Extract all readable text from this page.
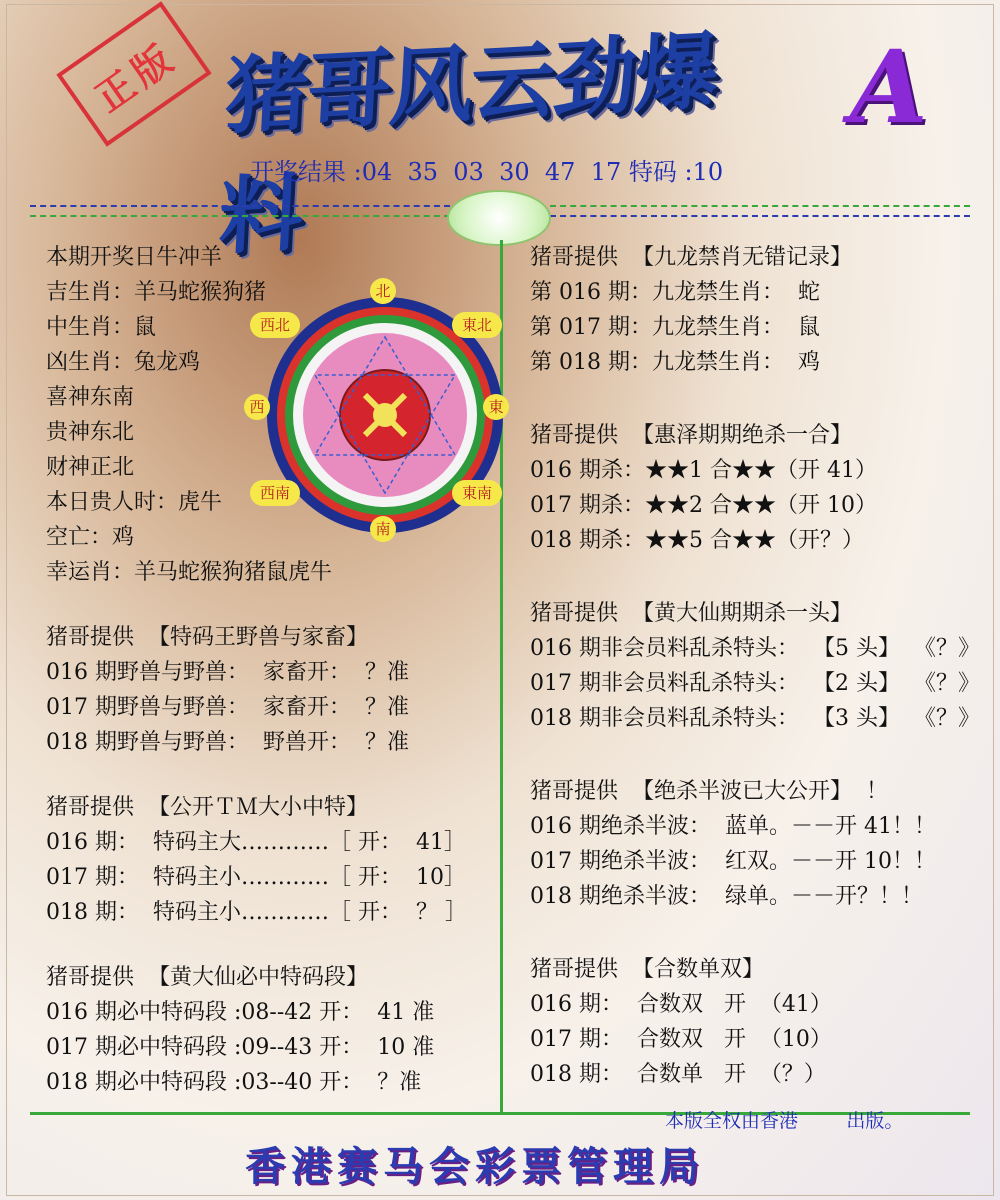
正版 猪哥风云劲爆料
A
开奖结果 :04  35  03  30  47  17 特码 :10
本期开奖日牛冲羊
吉生肖：羊马蛇猴狗猪
中生肖：鼠
凶生肖：兔龙鸡
喜神东南
贵神东北
财神正北
本日贵人时：虎牛
空亡：鸡
幸运肖：羊马蛇猴狗猪鼠虎牛
猪哥提供  【特码王野兽与家畜】
016 期野兽与野兽：  家畜开：  ？准
017 期野兽与野兽：  家畜开：  ？准
018 期野兽与野兽：  野兽开：  ？准
猪哥提供  【公开ＴＭ大小中特】
016 期：  特码主大…………［ 开：  41］
017 期：  特码主小…………［ 开：  10］
018 期：  特码主小…………［ 开：  ？ ］
猪哥提供  【黄大仙必中特码段】
016 期必中特码段 :08--42 开：  41 准
017 期必中特码段 :09--43 开：  10 准
018 期必中特码段 :03--40 开：  ？准
北
東北
東
東南
南
西南
西
西北
猪哥提供  【九龙禁肖无错记录】
第 016 期：九龙禁生肖：  蛇
第 017 期：九龙禁生肖：  鼠
第 018 期：九龙禁生肖：  鸡
猪哥提供  【惠泽期期绝杀一合】
016 期杀：★★1 合★★（开 41）
017 期杀：★★2 合★★（开 10）
018 期杀：★★5 合★★（开？）
猪哥提供  【黄大仙期期杀一头】
016 期非会员料乱杀特头：  【5 头】  《？》
017 期非会员料乱杀特头：  【2 头】  《？》
018 期非会员料乱杀特头：  【3 头】  《？》
猪哥提供  【绝杀半波已大公开】  ！
016 期绝杀半波：  蓝单。－－开 41！！
017 期绝杀半波：  红双。－－开 10！！
018 期绝杀半波：  绿单。－－开？！！
猪哥提供  【合数单双】
016 期：  合数双   开  （41）
017 期：  合数双   开  （10）
018 期：  合数单   开  （？）
本版全权由香港        出版。
香港赛马会彩票管理局
